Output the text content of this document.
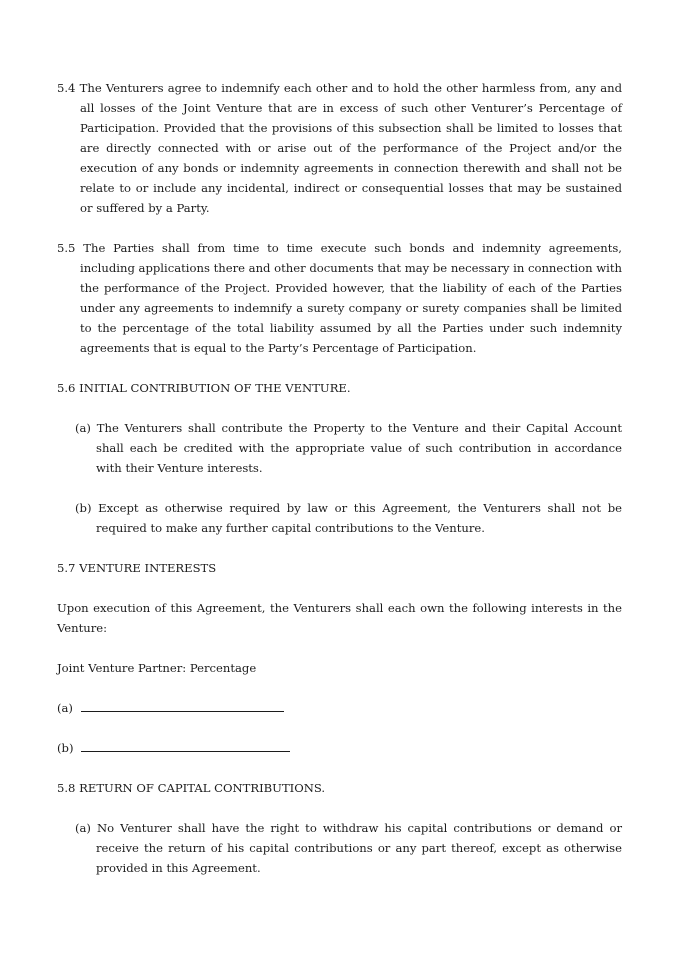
5.4 The Venturers agree to indemnify each other and to hold the other harmless from, any and all losses of the Joint Venture that are in excess of such other Venturer’s Percentage of Participation. Provided that the provisions of this subsection shall be limited to losses that are directly connected with or arise out of the performance of the Project and/or the execution of any bonds or indemnity agreements in connection therewith and shall not be relate to or include any incidental, indirect or consequential losses that may be sustained or suffered by a Party.
5.5 The Parties shall from time to time execute such bonds and indemnity agreements, including applications there and other documents that may be necessary in connection with the performance of the Project. Provided however, that the liability of each of the Parties under any agreements to indemnify a surety company or surety companies shall be limited to the percentage of the total liability assumed by all the Parties under such indemnity agreements that is equal to the Party’s Percentage of Participation.
5.6 INITIAL CONTRIBUTION OF THE VENTURE.
(a) The Venturers shall contribute the Property to the Venture and their Capital Account shall each be credited with the appropriate value of such contribution in accordance with their Venture interests.
(b) Except as otherwise required by law or this Agreement, the Venturers shall not be required to make any further capital contributions to the Venture.
5.7 VENTURE INTERESTS
Upon execution of this Agreement, the Venturers shall each own the following interests in the Venture:
Joint Venture Partner: Percentage
(a)
(b)
5.8 RETURN OF CAPITAL CONTRIBUTIONS.
(a) No Venturer shall have the right to withdraw his capital contributions or demand or receive the return of his capital contributions or any part thereof, except as otherwise provided in this Agreement.
